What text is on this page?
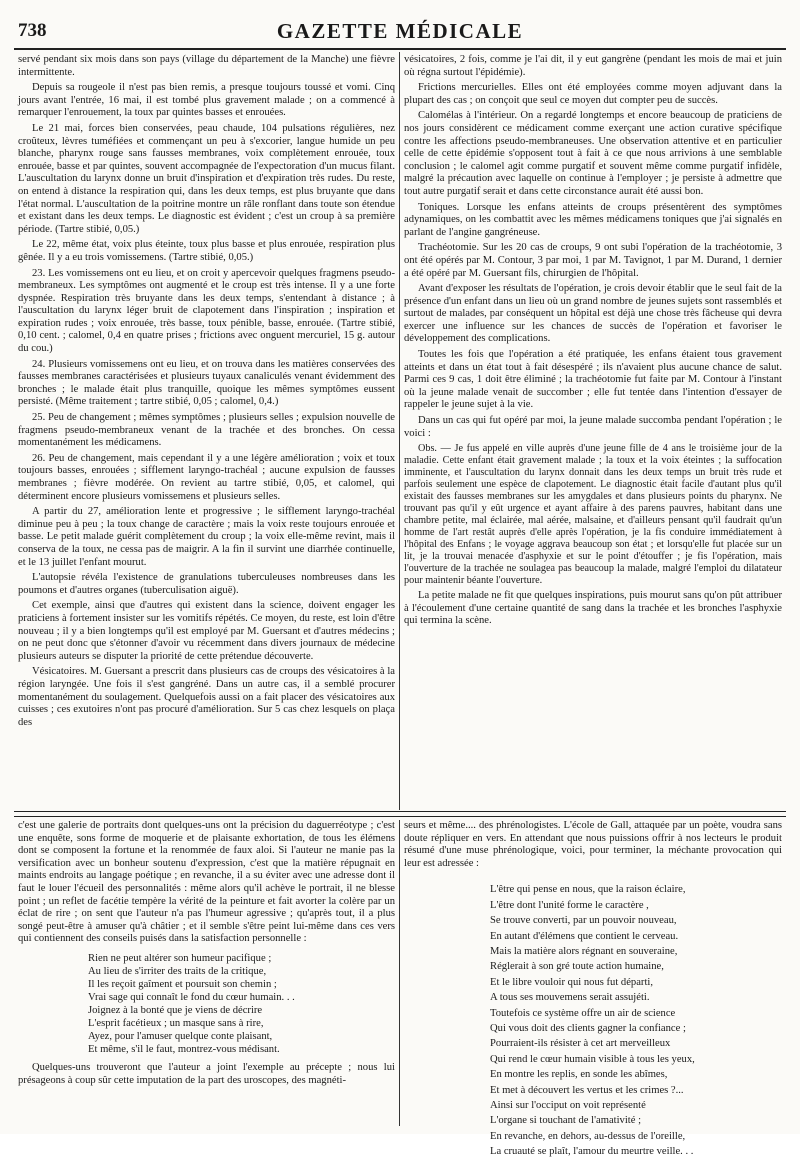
738	GAZETTE MÉDICALE

servé pendant six mois dans son pays (village du département de la Manche) une fièvre intermittente.

Depuis sa rougeole il n'est pas bien remis, a presque toujours toussé et vomi. Cinq jours avant l'entrée, 16 mai, il est tombé plus gravement malade ; on a commencé à remarquer l'enrouement, la toux par quintes basses et enrouées.

Le 21 mai, forces bien conservées, peau chaude, 104 pulsations régulières, nez croûteux, lèvres tuméfiées et commençant un peu à s'excorier, langue humide un peu blanche, pharynx rouge sans fausses membranes, voix complètement enrouée, toux enrouée, basse et par quintes, souvent accompagnée de l'expectoration d'un mucus filant. L'auscultation du larynx donne un bruit d'inspiration et d'expiration très rudes. Du reste, on entend à distance la respiration qui, dans les deux temps, est plus bruyante que dans l'état normal. L'auscultation de la poitrine montre un râle ronflant dans toute son étendue et existant dans les deux temps. Le diagnostic est évident ; c'est un croup à sa première période. (Tartre stibié, 0,05.)

Le 22, même état, voix plus éteinte, toux plus basse et plus enrouée, respiration plus gênée. Il y a eu trois vomissemens. (Tartre stibié, 0,05.)

23. Les vomissemens ont eu lieu, et on croit y apercevoir quelques fragmens pseudo-membraneux. Les symptômes ont augmenté et le croup est très intense. Il y a une forte dyspnée. Respiration très bruyante dans les deux temps, s'entendant à distance ; à l'auscultation du larynx léger bruit de clapotement dans l'inspiration ; inspiration et expiration rudes ; voix enrouée, très basse, toux pénible, basse, enrouée. (Tartre stibié, 0,10 cent. ; calomel, 0,4 en quatre prises ; frictions avec onguent mercuriel, 15 g. autour du cou.)

24. Plusieurs vomissemens ont eu lieu, et on trouva dans les matières conservées des fausses membranes caractérisées et plusieurs tuyaux canaliculés venant évidemment des bronches ; le malade était plus tranquille, quoique les mêmes symptômes eussent persisté. (Même traitement ; tartre stibié, 0,05 ; calomel, 0,4.)

25. Peu de changement ; mêmes symptômes ; plusieurs selles ; expulsion nouvelle de fragmens pseudo-membraneux venant de la trachée et des bronches. On cessa momentanément les médicamens.

26. Peu de changement, mais cependant il y a une légère amélioration ; voix et toux toujours basses, enrouées ; sifflement laryngo-trachéal ; aucune expulsion de fausses membranes ; fièvre modérée. On revient au tartre stibié, 0,05, et calomel, qui déterminent encore plusieurs vomissemens et plusieurs selles.

A partir du 27, amélioration lente et progressive ; le sifflement laryngo-trachéal diminue peu à peu ; la toux change de caractère ; mais la voix reste toujours enrouée et basse. Le petit malade guérit complètement du croup ; la voix elle-même revint, mais il conserva de la toux, ne cessa pas de maigrir. A la fin il survint une diarrhée continuelle, et le 13 juillet l'enfant mourut.

L'autopsie révéla l'existence de granulations tuberculeuses nombreuses dans les poumons et d'autres organes (tuberculisation aiguë).

Cet exemple, ainsi que d'autres qui existent dans la science, doivent engager les praticiens à fortement insister sur les vomitifs répétés. Ce moyen, du reste, est loin d'être nouveau ; il y a bien longtemps qu'il est employé par M. Guersant et d'autres médecins ; on ne peut donc que s'étonner d'avoir vu récemment dans divers journaux de médecine plusieurs auteurs se disputer la priorité de cette prétendue découverte.

Vésicatoires. M. Guersant a prescrit dans plusieurs cas de croups des vésicatoires à la région laryngée. Une fois il s'est gangréné. Dans un autre cas, il a semblé procurer momentanément du soulagement. Quelquefois aussi on a fait placer des vésicatoires aux cuisses ; ces exutoires n'ont pas procuré d'amélioration. Sur 5 cas chez lesquels on plaça des

vésicatoires, 2 fois, comme je l'ai dit, il y eut gangrène (pendant les mois de mai et juin où régna surtout l'épidémie).

Frictions mercurielles. Elles ont été employées comme moyen adjuvant dans la plupart des cas ; on conçoit que seul ce moyen dut compter peu de succès.

Calomélas à l'intérieur. On a regardé longtemps et encore beaucoup de praticiens de nos jours considèrent ce médicament comme exerçant une action curative spécifique contre les affections pseudo-membraneuses. Une observation attentive et en particulier celle de cette épidémie s'opposent tout à fait à ce que nous arrivions à une semblable conclusion ; le calomel agit comme purgatif et souvent même comme purgatif infidèle, malgré la précaution avec laquelle on continue à l'employer ; je persiste à admettre que tout autre purgatif serait et dans cette circonstance aurait été aussi bon.

Toniques. Lorsque les enfans atteints de croups présentèrent des symptômes adynamiques, on les combattit avec les mêmes médicamens toniques que j'ai signalés en parlant de l'angine gangréneuse.

Trachéotomie. Sur les 20 cas de croups, 9 ont subi l'opération de la trachéotomie, 3 ont été opérés par M. Contour, 3 par moi, 1 par M. Tavignot, 1 par M. Durand, 1 dernier a été opéré par M. Guersant fils, chirurgien de l'hôpital.

Avant d'exposer les résultats de l'opération, je crois devoir établir que le seul fait de la présence d'un enfant dans un lieu où un grand nombre de jeunes sujets sont rassemblés et surtout de malades, par conséquent un hôpital est déjà une chose très fâcheuse qui devra exercer une influence sur les chances de succès de l'opération et favoriser le développement des complications.

Toutes les fois que l'opération a été pratiquée, les enfans étaient tous gravement atteints et dans un état tout à fait désespéré ; ils n'avaient plus aucune chance de salut. Parmi ces 9 cas, 1 doit être éliminé ; la trachéotomie fut faite par M. Contour à l'instant où la jeune malade venait de succomber ; elle fut tentée dans l'intention d'essayer de rappeler le jeune sujet à la vie.

Dans un cas qui fut opéré par moi, la jeune malade succomba pendant l'opération ; le voici :

Obs. — Je fus appelé en ville auprès d'une jeune fille de 4 ans le troisième jour de la maladie. Cette enfant était gravement malade ; la toux et la voix éteintes ; la suffocation imminente, et l'auscultation du larynx donnait dans les deux temps un bruit très rude et parfois seulement une espèce de clapotement. Le diagnostic était facile d'autant plus qu'il existait des fausses membranes sur les amygdales et dans plusieurs points du pharynx. Ne trouvant pas qu'il y eût urgence et ayant affaire à des parens pauvres, habitant dans une chambre petite, mal éclairée, mal aérée, malsaine, et d'ailleurs pensant qu'il faudrait qu'un homme de l'art restât auprès d'elle après l'opération, je la fis conduire immédiatement à l'hôpital des Enfans ; le voyage aggrava beaucoup son état ; et lorsqu'elle fut placée sur un lit, je la trouvai menacée d'asphyxie et sur le point d'étouffer ; je fis l'opération, mais l'ouverture de la trachée ne soulagea pas beaucoup la malade, malgré l'emploi du dilatateur pour maintenir béante l'ouverture.

La petite malade ne fit que quelques inspirations, puis mourut sans qu'on pût attribuer à l'écoulement d'une certaine quantité de sang dans la trachée et les bronches l'asphyxie qui termina la scène.

c'est une galerie de portraits dont quelques-uns ont la précision du daguerréotype ; c'est une enquête, sons forme de moquerie et de plaisante exhortation, de tous les élémens dont se composent la fortune et la renommée de faux aloi. Si l'auteur ne manie pas la versification avec un bonheur soutenu d'expression, c'est que la matière répugnait en maints endroits au langage poétique ; en revanche, il a su éviter avec une adresse dont il faut le louer l'écueil des personnalités : même alors qu'il achève le portrait, il ne blesse point ; un reflet de facétie tempère la vérité de la peinture et fait avorter la colère par un éclat de rire ; on sent que l'auteur n'a pas l'humeur agressive ; qu'après tout, il a plus songé peut-être à amuser qu'à châtier ; et il semble s'être peint lui-même dans ces vers qui contiennent des conseils puisés dans la satisfaction personnelle :

Rien ne peut altérer son humeur pacifique ;
Au lieu de s'irriter des traits de la critique,
Il les reçoit gaîment et poursuit son chemin ;
Vrai sage qui connaît le fond du cœur humain. . .
Joignez à la bonté que je viens de décrire
L'esprit facétieux ; un masque sans à rire,
Ayez, pour l'amuser quelque conte plaisant,
Et même, s'il le faut, montrez-vous médisant.

Quelques-uns trouveront que l'auteur a joint l'exemple au précepte ; nous lui présageons à coup sûr cette imputation de la part des uroscopes, des magnéti-

seurs et même.... des phrénologistes. L'école de Gall, attaquée par un poète, voudra sans doute répliquer en vers. En attendant que nous puissions offrir à nos lecteurs le produit résumé d'une muse phrénologique, voici, pour terminer, la méchante provocation qui leur est adressée :

L'être qui pense en nous, que la raison éclaire,
L'être dont l'unité forme le caractère ,
Se trouve converti, par un pouvoir nouveau,
En autant d'élémens que contient le cerveau.
Mais la matière alors régnant en souveraine,
Réglerait à son gré toute action humaine,
Et le libre vouloir qui nous fut départi,
A tous ses mouvemens serait assujéti.
Toutefois ce système offre un air de science
Qui vous doit des clients gagner la confiance ;
Pourraient-ils résister à cet art merveilleux
Qui rend le cœur humain visible à tous les yeux,
En montre les replis, en sonde les abîmes,
Et met à découvert les vertus et les crimes ?...
Ainsi sur l'occiput on voit représenté
L'organe si touchant de l'amativité ;
En revanche, en dehors, au-dessus de l'oreille,
La cruauté se plaît, l'amour du meurtre veille. . .
